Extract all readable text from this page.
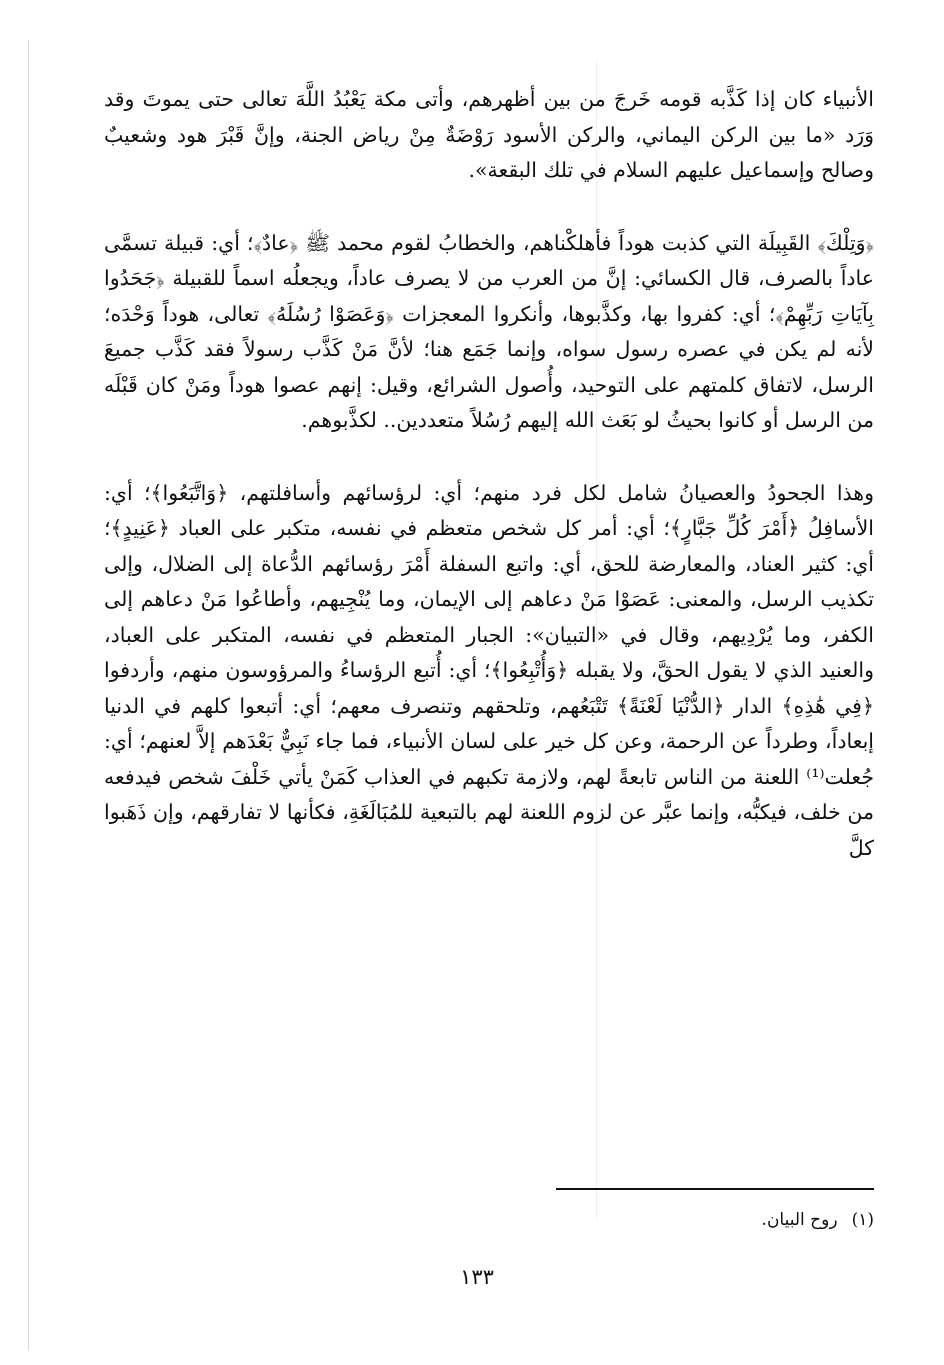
الأنبياء كان إذا كَذَّبه قومه خَرجَ من بين أظهرهم، وأتى مكة يَعْبُدُ اللَّهَ تعالى حتى يموتَ وقد وَرَد «ما بين الركن اليماني، والركن الأسود رَوْضَةٌ مِنْ رياض الجنة، وإنَّ قَبْرَ هود وشعيبٌ وصالح وإسماعيل عليهم السلام في تلك البقعة».

﴿وَتِلْكَ﴾ القَبِيلَة التي كذبت هوداً فأهلكْناهم، والخطابُ لقوم محمد ﷺ ﴿عادٌ﴾؛ أي: قبيلة تسمَّى عاداً بالصرف، قال الكسائي: إنَّ من العرب من لا يصرف عاداً، ويجعلُه اسماً للقبيلة ﴿جَحَدُوا بِآيَاتِ رَبِّهِمْ﴾؛ أي: كفروا بها، وكذَّبوها، وأنكروا المعجزات ﴿وَعَصَوْا رُسُلَهُ﴾ تعالى، هوداً وَحْدَه؛ لأنه لم يكن في عصره رسول سواه، وإنما جَمَع هنا؛ لأنَّ مَنْ كَذَّب رسولاً فقد كَذَّب جميعَ الرسل، لاتفاق كلمتهم على التوحيد، وأُصول الشرائع، وقيل: إنهم عصوا هوداً ومَنْ كان قَبْلَه من الرسل أو كانوا بحيثُ لو بَعَث الله إليهم رُسُلاً متعددين.. لكذَّبوهم.

وهذا الجحودُ والعصيانُ شامل لكل فرد منهم؛ أي: لرؤسائهم وأسافلتهم، ﴿وَاتَّبَعُوا﴾؛ أي: الأسافِلُ ﴿أَمْرَ كُلِّ جَبَّارٍ﴾؛ أي: أمر كل شخص متعظم في نفسه، متكبر على العباد ﴿عَنِيدٍ﴾؛ أي: كثير العناد، والمعارضة للحق، أي: واتبع السفلة أَمْرَ رؤسائهم الدُّعاة إلى الضلال، وإلى تكذيب الرسل، والمعنى: عَصَوْا مَنْ دعاهم إلى الإيمان، وما يُنْجِيهم، وأطاعُوا مَنْ دعاهم إلى الكفر، وما يُرْدِيهم، وقال في «التبيان»: الجبار المتعظم في نفسه، المتكبر على العباد، والعنيد الذي لا يقول الحقَّ، ولا يقبله ﴿وَأُتْبِعُوا﴾؛ أي: أُتبع الرؤساءُ والمرؤوسون منهم، وأردفوا ﴿فِي هَٰذِهِ﴾ الدار ﴿الدُّنْيَا لَعْنَةً﴾ تَتْبَعُهم، وتلحقهم وتنصرف معهم؛ أي: أتبعوا كلهم في الدنيا إبعاداً، وطرداً عن الرحمة، وعن كل خير على لسان الأنبياء، فما جاء نَبِيٌّ بَعْدَهم إلاَّ لعنهم؛ أي: جُعلت⁽¹⁾ اللعنة من الناس تابعةً لهم، ولازمة تكبهم في العذاب كَمَنْ يأتي خَلْفَ شخص فيدفعه من خلف، فيكبُّه، وإنما عبَّر عن لزوم اللعنة لهم بالتبعية للمُبَالَغَةِ، فكأنها لا تفارقهم، وإن ذَهَبوا كلَّ

(١)روح البيان.
١٣٣
